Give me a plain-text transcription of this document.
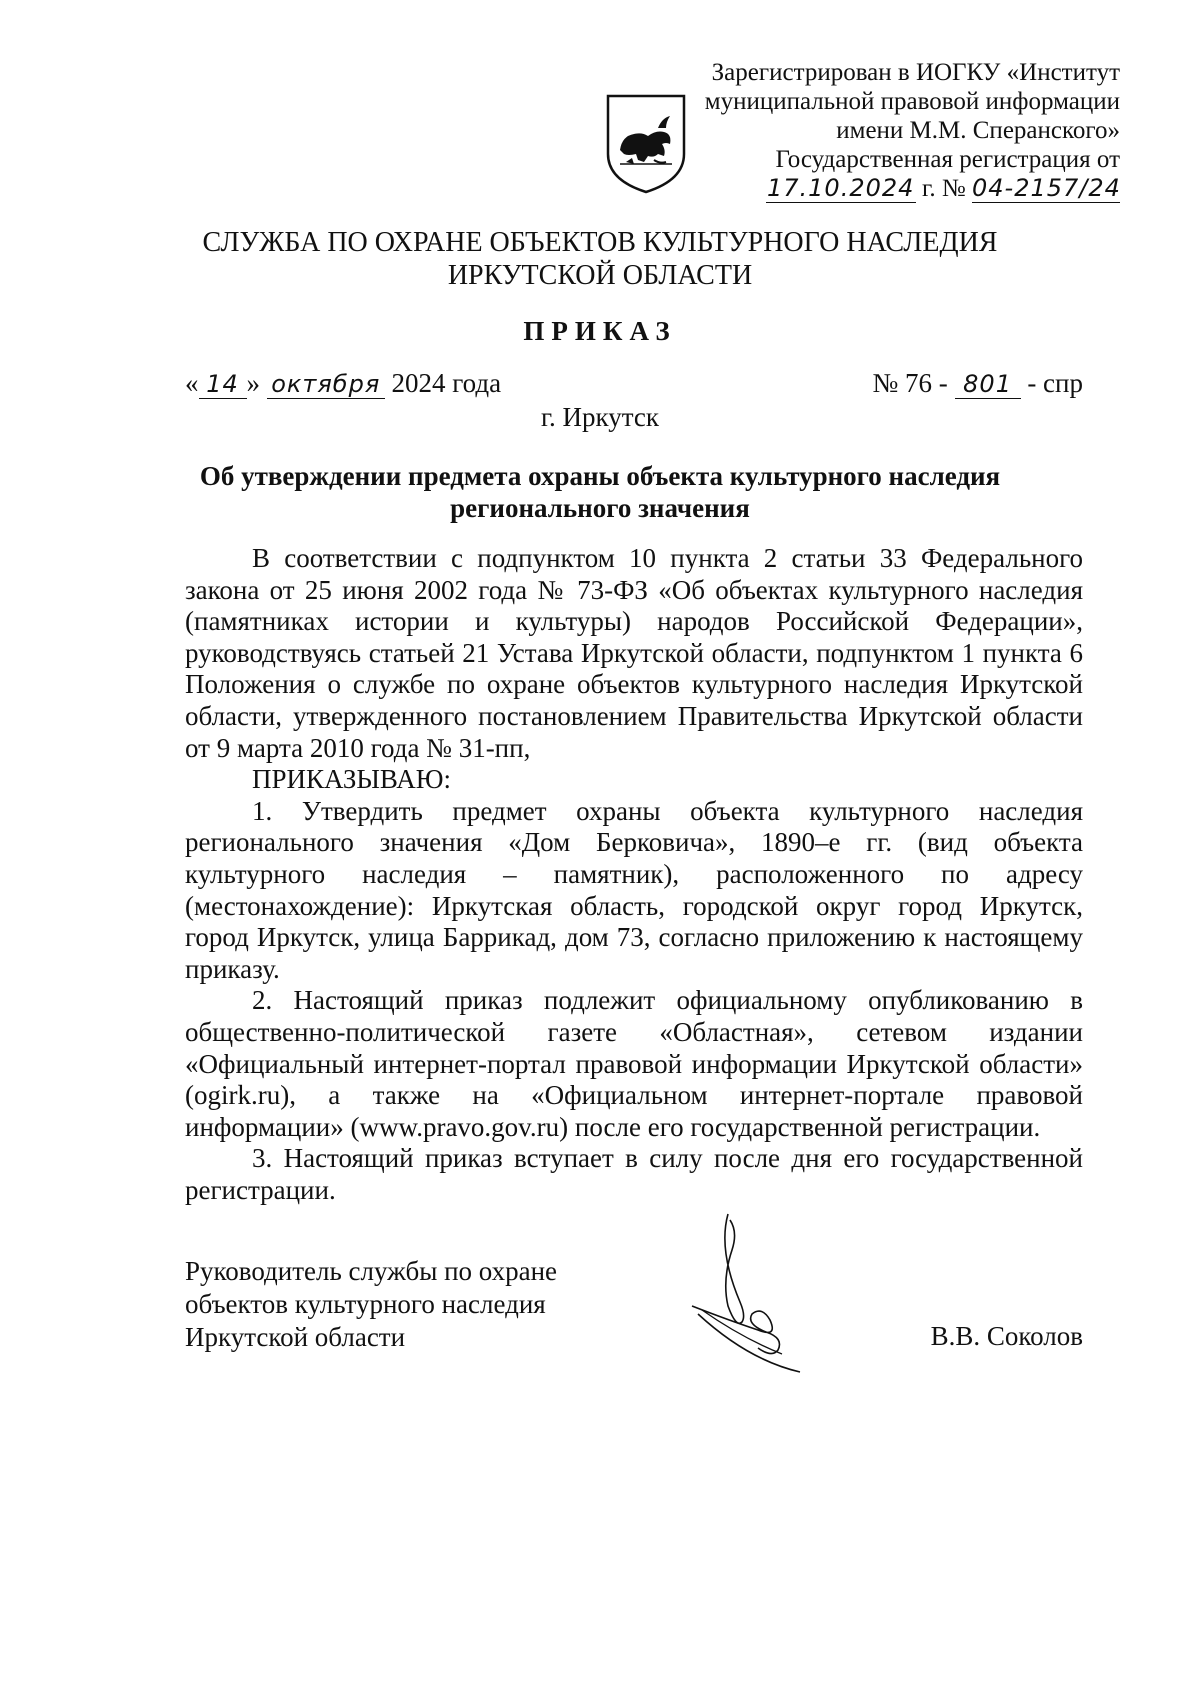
Зарегистрирован в ИОГКУ «Институт
муниципальной правовой информации
имени М.М. Сперанского»
Государственная регистрация от
17.10.2024 г. № 04-2157/24
СЛУЖБА ПО ОХРАНЕ ОБЪЕКТОВ КУЛЬТУРНОГО НАСЛЕДИЯ
ИРКУТСКОЙ ОБЛАСТИ
ПРИКАЗ
« 14 » октября 2024 года	№ 76 - 801 - спр
г. Иркутск
Об утверждении предмета охраны объекта культурного наследия
регионального значения

В соответствии с подпунктом 10 пункта 2 статьи 33 Федерального закона от 25 июня 2002 года № 73-ФЗ «Об объектах культурного наследия (памятниках истории и культуры) народов Российской Федерации», руководствуясь статьей 21 Устава Иркутской области, подпунктом 1 пункта 6 Положения о службе по охране объектов культурного наследия Иркутской области, утвержденного постановлением Правительства Иркутской области от 9 марта 2010 года № 31-пп,

ПРИКАЗЫВАЮ:

1. Утвердить предмет охраны объекта культурного наследия регионального значения «Дом Берковича», 1890–е гг. (вид объекта культурного наследия – памятник), расположенного по адресу (местонахождение): Иркутская область, городской округ город Иркутск, город Иркутск, улица Баррикад, дом 73, согласно приложению к настоящему приказу.

2. Настоящий приказ подлежит официальному опубликованию в общественно-политической газете «Областная», сетевом издании «Официальный интернет-портал правовой информации Иркутской области» (ogirk.ru), а также на «Официальном интернет-портале правовой информации» (www.pravo.gov.ru) после его государственной регистрации.

3. Настоящий приказ вступает в силу после дня его государственной регистрации.

Руководитель службы по охране
объектов культурного наследия
Иркутской области	В.В. Соколов
